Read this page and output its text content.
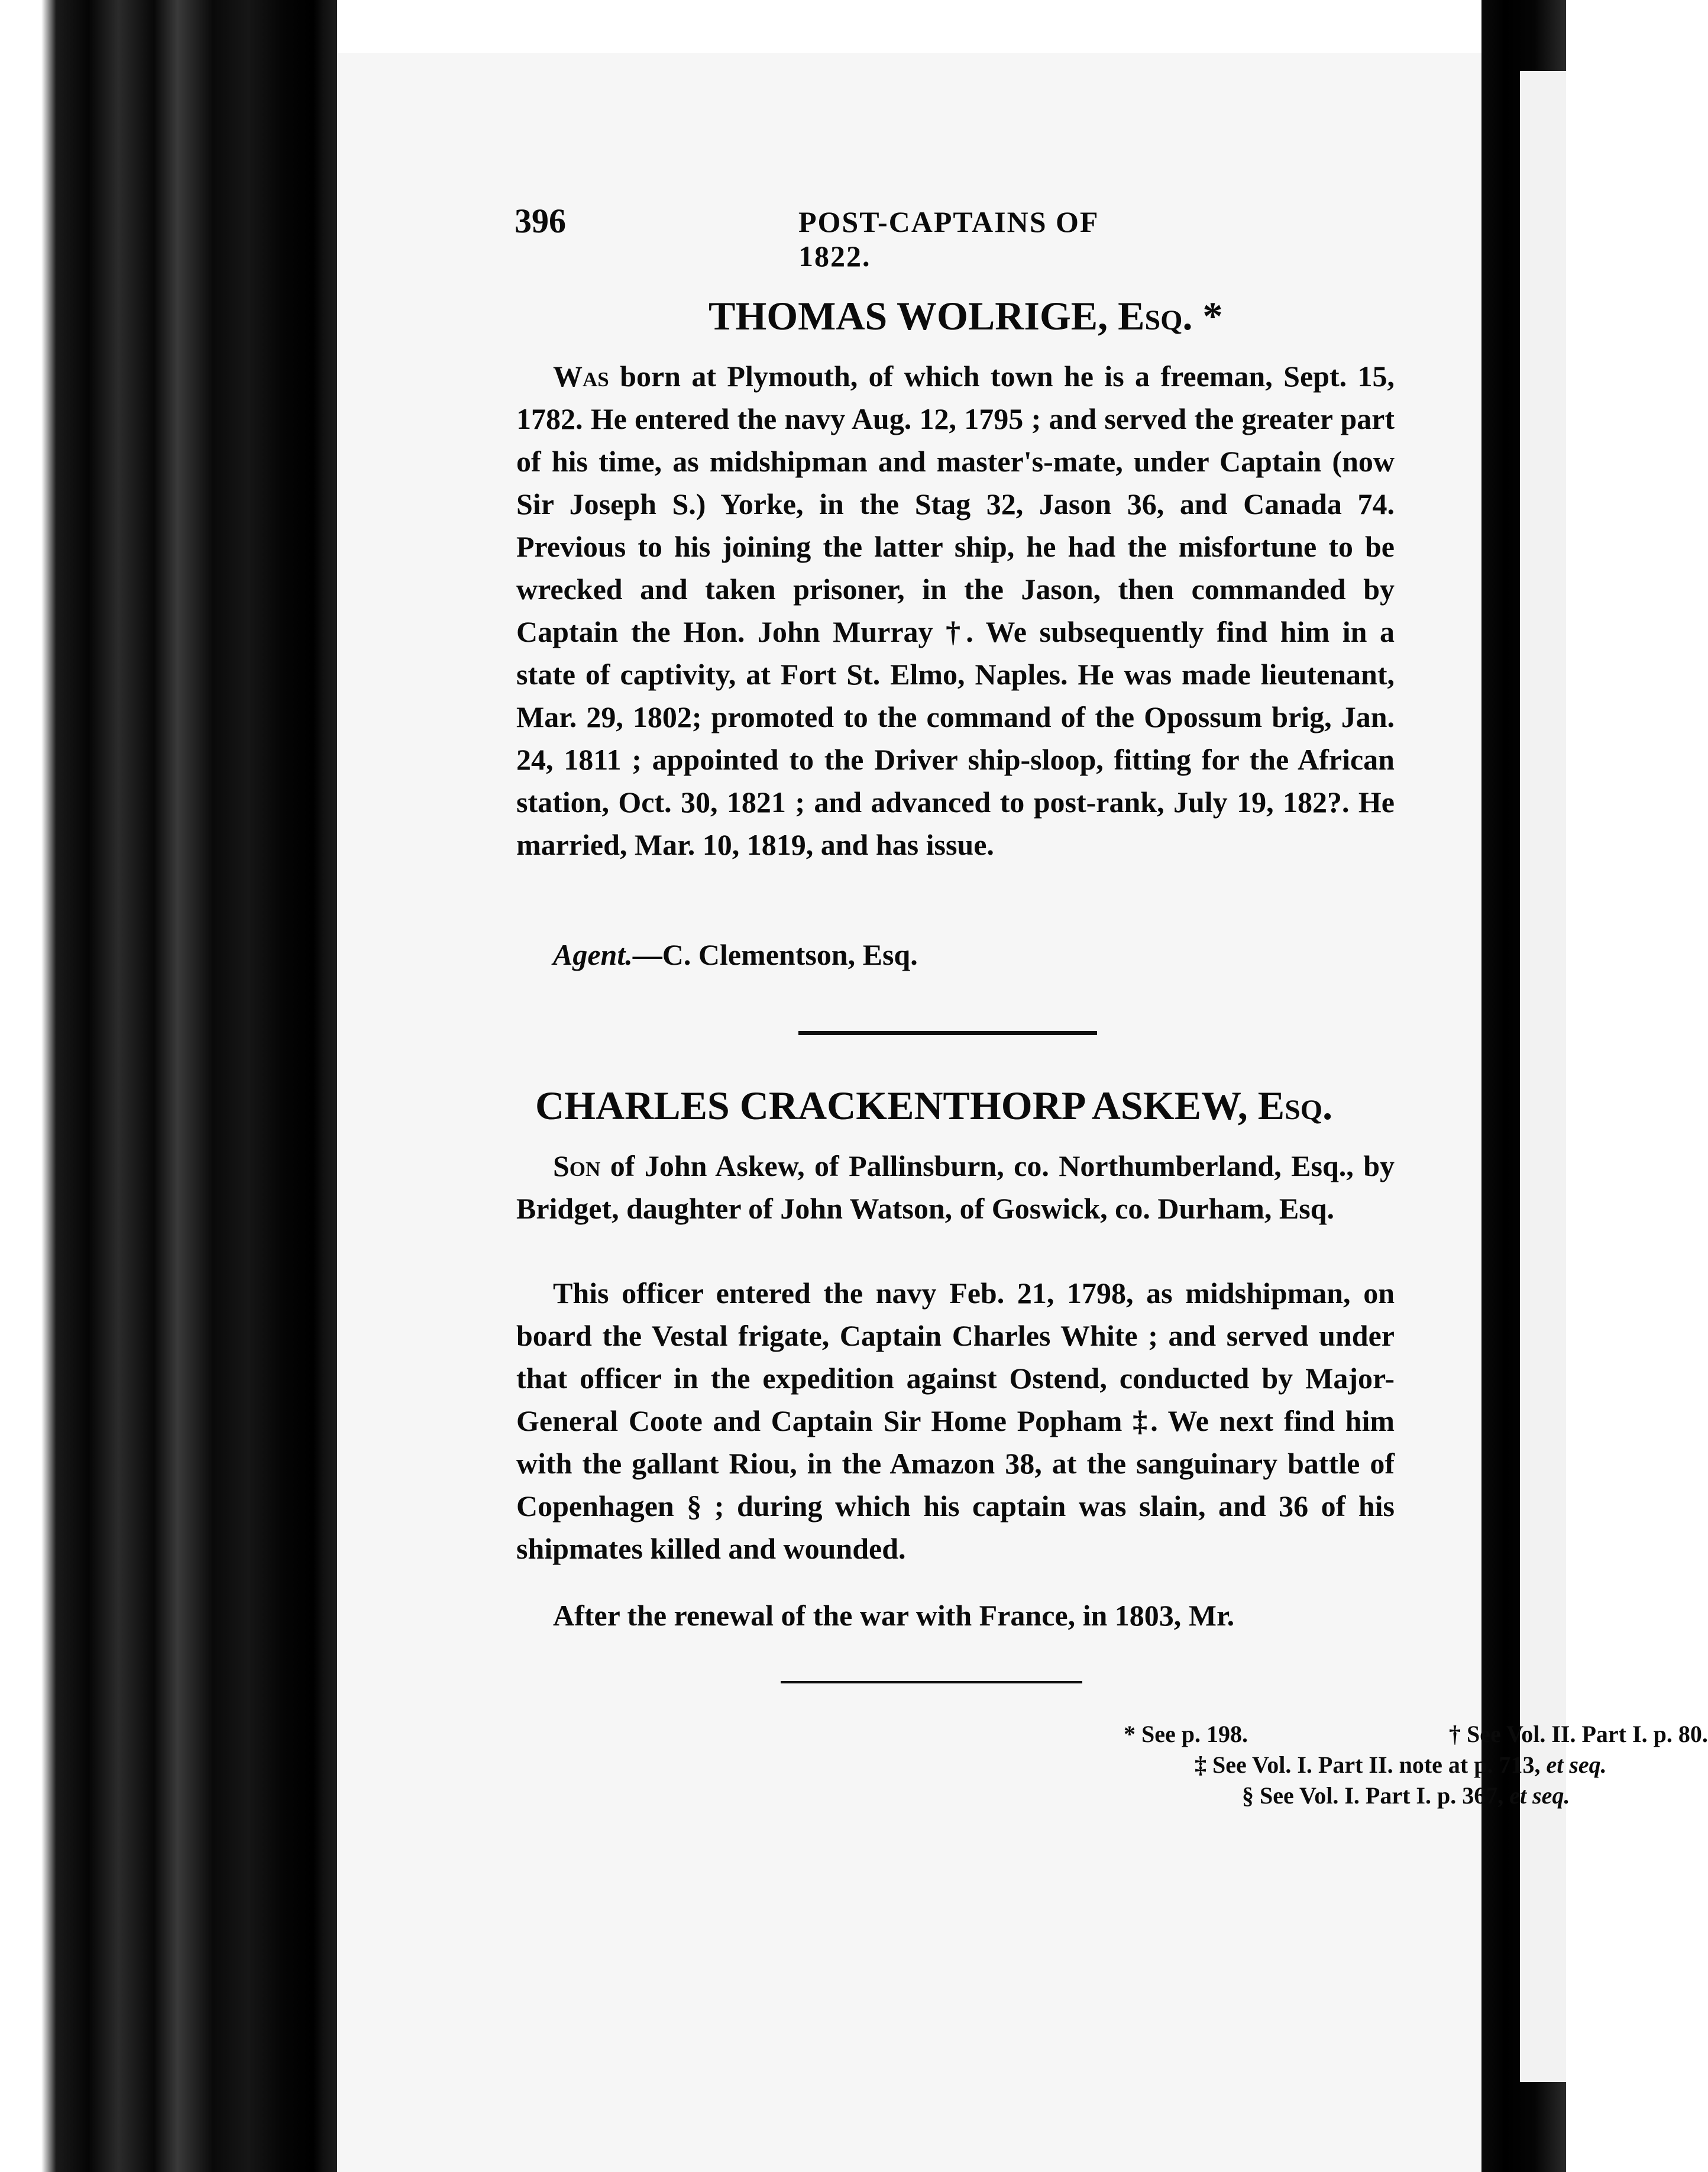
396	POST-CAPTAINS OF 1822.
THOMAS WOLRIGE, Esq. *
Was born at Plymouth, of which town he is a freeman, Sept. 15, 1782. He entered the navy Aug. 12, 1795 ; and served the greater part of his time, as midshipman and master's-mate, under Captain (now Sir Joseph S.) Yorke, in the Stag 32, Jason 36, and Canada 74. Previous to his joining the latter ship, he had the misfortune to be wrecked and taken prisoner, in the Jason, then commanded by Captain the Hon. John Murray †. We subsequently find him in a state of captivity, at Fort St. Elmo, Naples. He was made lieutenant, Mar. 29, 1802; promoted to the command of the Opossum brig, Jan. 24, 1811 ; appointed to the Driver ship-sloop, fitting for the African station, Oct. 30, 1821 ; and advanced to post-rank, July 19, 182?. He married, Mar. 10, 1819, and has issue.
Agent.—C. Clementson, Esq.
CHARLES CRACKENTHORP ASKEW, Esq.
Son of John Askew, of Pallinsburn, co. Northumberland, Esq., by Bridget, daughter of John Watson, of Goswick, co. Durham, Esq.
This officer entered the navy Feb. 21, 1798, as midshipman, on board the Vestal frigate, Captain Charles White ; and served under that officer in the expedition against Ostend, conducted by Major-General Coote and Captain Sir Home Popham ‡. We next find him with the gallant Riou, in the Amazon 38, at the sanguinary battle of Copenhagen § ; during which his captain was slain, and 36 of his shipmates killed and wounded.
After the renewal of the war with France, in 1803, Mr.
* See p. 198.	† See Vol. II. Part I. p. 80.
‡ See Vol. I. Part II. note at p. 713, et seq.
§ See Vol. I. Part I. p. 367, et seq.
